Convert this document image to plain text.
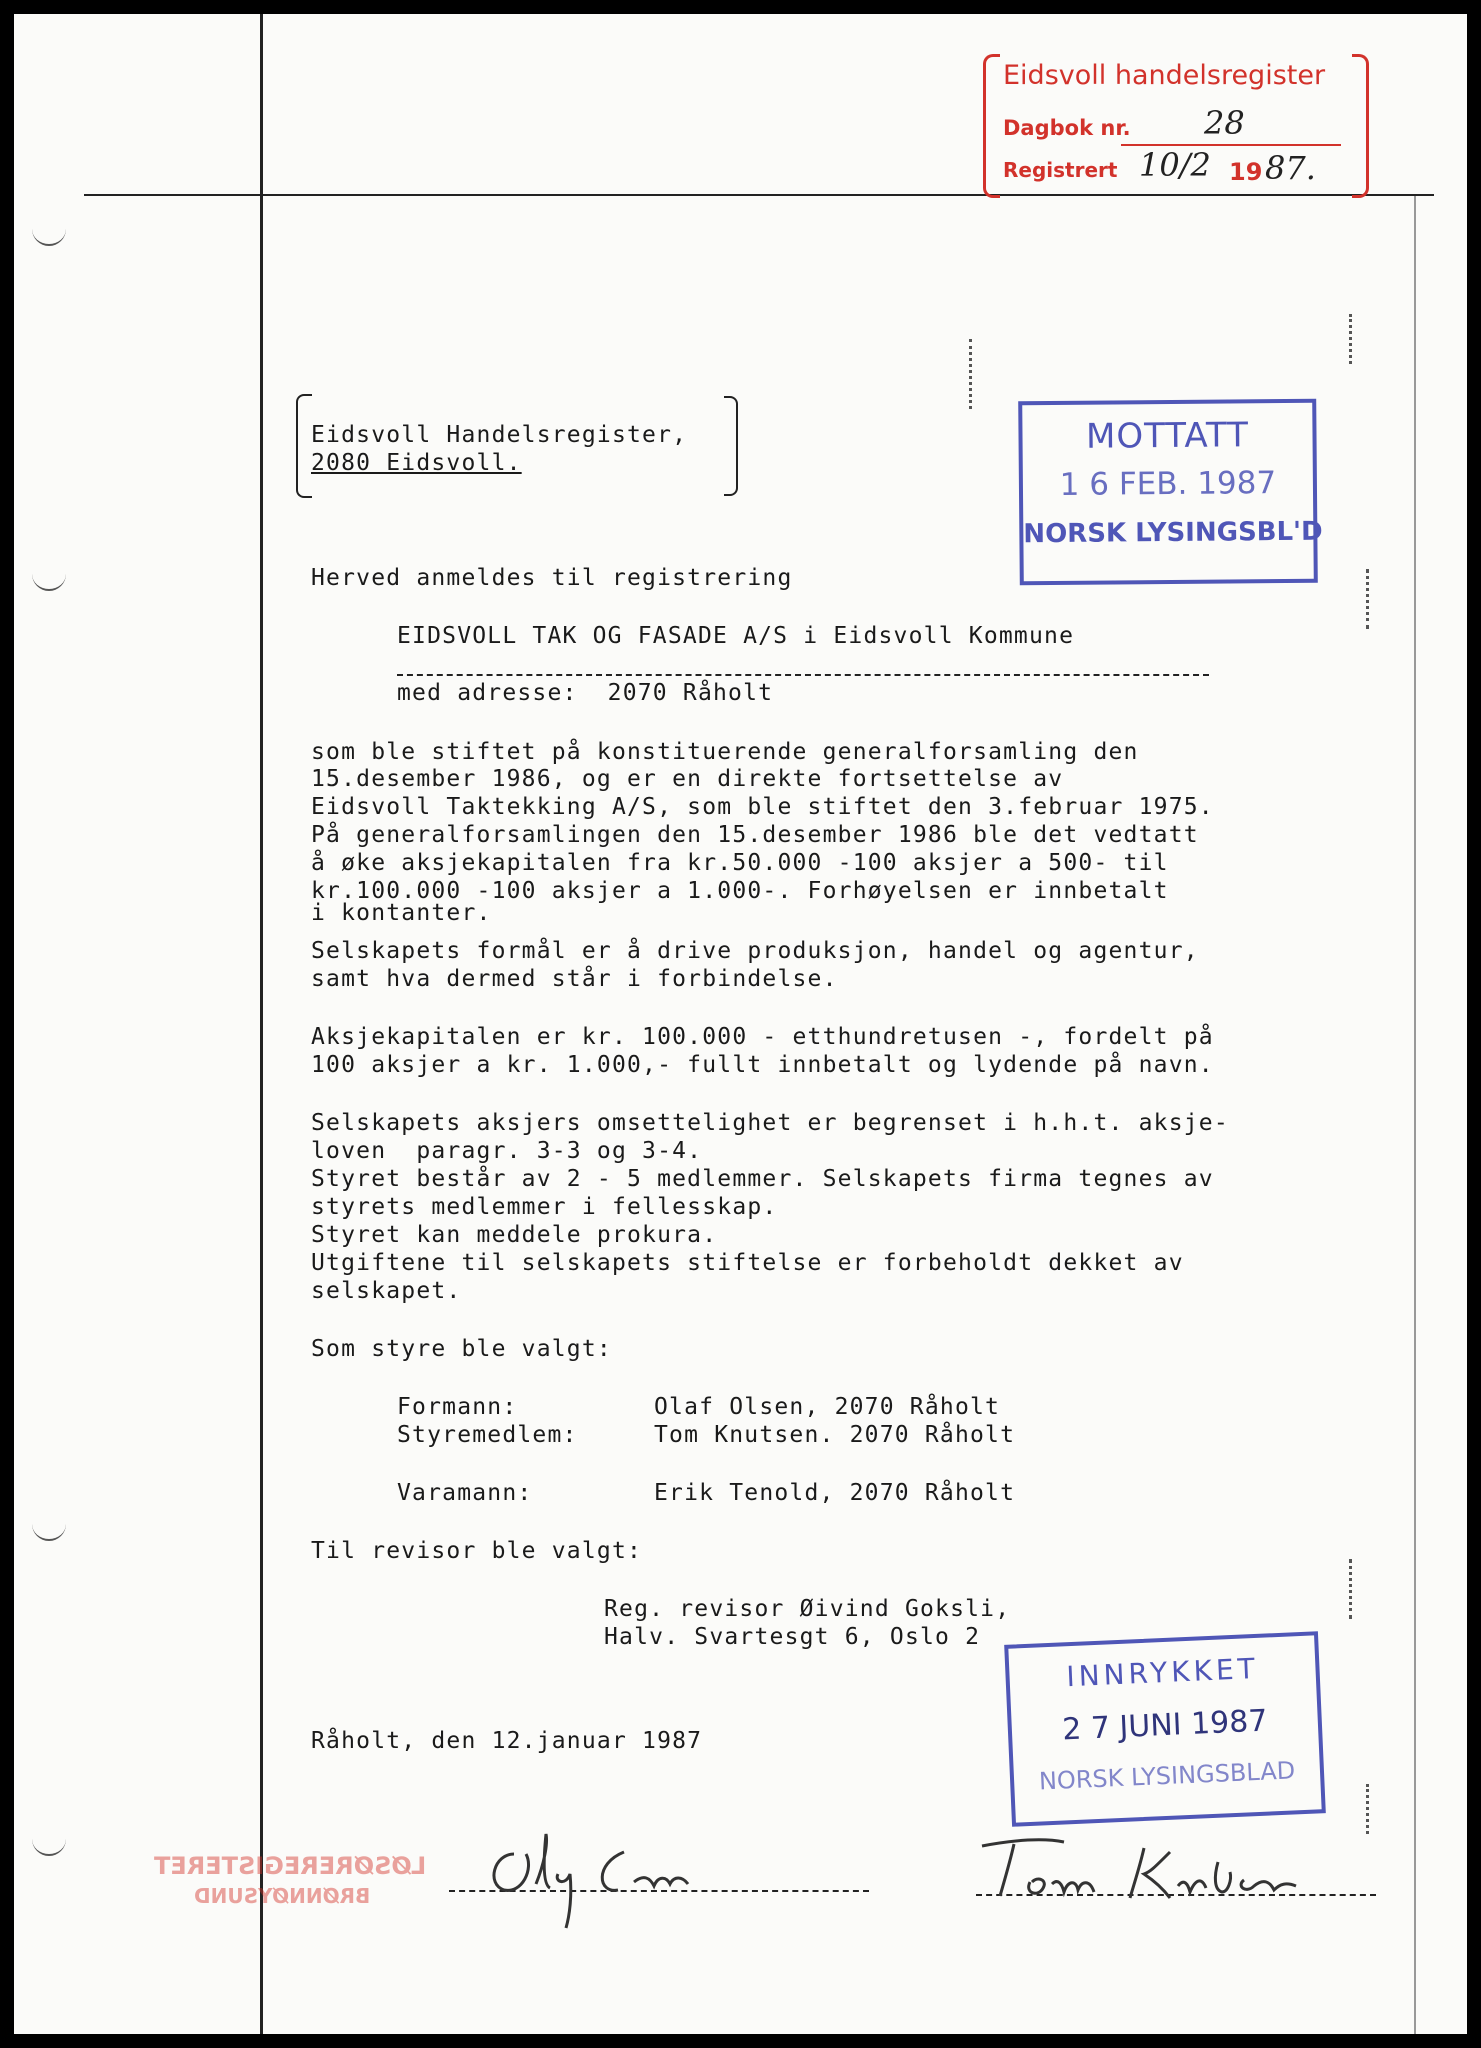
Eidsvoll handelsregister
Dagbok nr. 28
Registrert 10/2 19 87.
Eidsvoll Handelsregister,
2080 Eidsvoll.
MOTTATT
1 6 FEB. 1987
NORSK LYSINGSBL'D
Herved anmeldes til registrering
EIDSVOLL TAK OG FASADE A/S i Eidsvoll Kommune
med adresse:  2070 Råholt
som ble stiftet på konstituerende generalforsamling den
15.desember 1986, og er en direkte fortsettelse av
Eidsvoll Taktekking A/S, som ble stiftet den 3.februar 1975.
På generalforsamlingen den 15.desember 1986 ble det vedtatt
å øke aksjekapitalen fra kr.50.000 -100 aksjer a 500- til
kr.100.000 -100 aksjer a 1.000-. Forhøyelsen er innbetalt
i kontanter.
Selskapets formål er å drive produksjon, handel og agentur,
samt hva dermed står i forbindelse.
Aksjekapitalen er kr. 100.000 - etthundretusen -, fordelt på
100 aksjer a kr. 1.000,- fullt innbetalt og lydende på navn.
Selskapets aksjers omsettelighet er begrenset i h.h.t. aksje-
loven  paragr. 3-3 og 3-4.
Styret består av 2 - 5 medlemmer. Selskapets firma tegnes av
styrets medlemmer i fellesskap.
Styret kan meddele prokura.
Utgiftene til selskapets stiftelse er forbeholdt dekket av
selskapet.
Som styre ble valgt:
Formann:	Olaf Olsen, 2070 Råholt
Styremedlem:	Tom Knutsen. 2070 Råholt
Varamann:	Erik Tenold, 2070 Råholt
Til revisor ble valgt:
Reg. revisor Øivind Goksli,
Halv. Svartesgt 6, Oslo 2
INNRYKKET
2 7 JUNI 1987
NORSK LYSINGSBLAD
Råholt, den 12.januar 1987
LØSØREREGISTERET
BRØNNØYSUND
